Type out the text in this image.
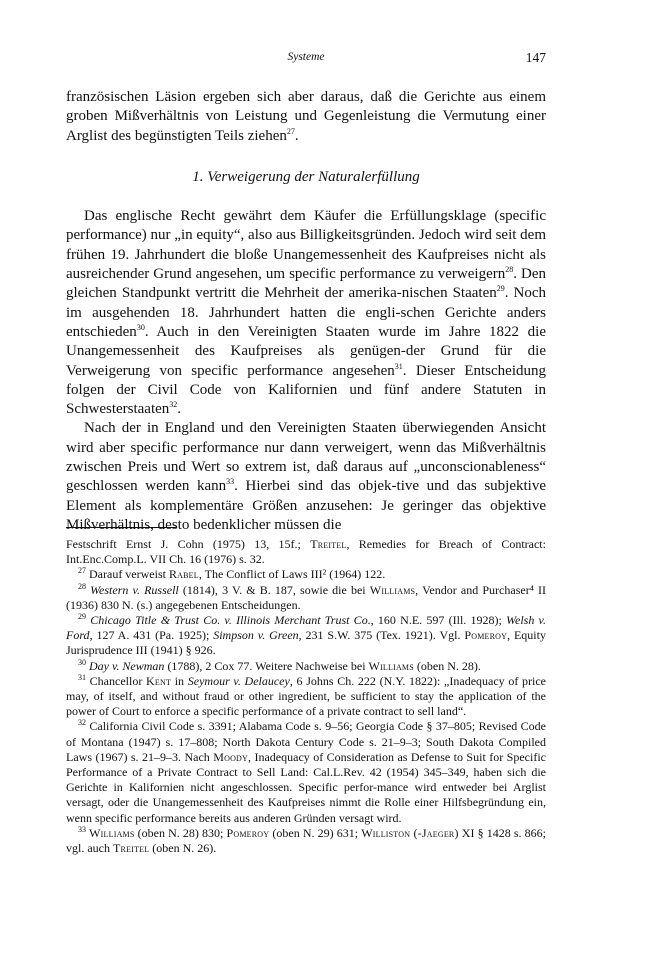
Systeme	147

französischen Läsion ergeben sich aber daraus, daß die Gerichte aus einem groben Mißverhältnis von Leistung und Gegenleistung die Vermutung einer Arglist des begünstigten Teils ziehen$^{27}$.

1. Verweigerung der Naturalerfüllung

Das englische Recht gewährt dem Käufer die Erfüllungsklage (specific performance) nur „in equity“, also aus Billigkeitsgründen. Jedoch wird seit dem frühen 19. Jahrhundert die bloße Unangemessenheit des Kaufpreises nicht als ausreichender Grund angesehen, um specific performance zu verweigern$^{28}$. Den gleichen Standpunkt vertritt die Mehrheit der amerika-nischen Staaten$^{29}$. Noch im ausgehenden 18. Jahrhundert hatten die engli-schen Gerichte anders entschieden$^{30}$. Auch in den Vereinigten Staaten wurde im Jahre 1822 die Unangemessenheit des Kaufpreises als genügen-der Grund für die Verweigerung von specific performance angesehen$^{31}$. Dieser Entscheidung folgen der Civil Code von Kalifornien und fünf andere Statuten in Schwesterstaaten$^{32}$.

Nach der in England und den Vereinigten Staaten überwiegenden Ansicht wird aber specific performance nur dann verweigert, wenn das Mißverhältnis zwischen Preis und Wert so extrem ist, daß daraus auf „unconscionableness“ geschlossen werden kann$^{33}$. Hierbei sind das objek-tive und das subjektive Element als komplementäre Größen anzusehen: Je geringer das objektive Mißverhältnis, desto bedenklicher müssen die

Festschrift Ernst J. Cohn (1975) 13, 15f.; Treitel, Remedies for Breach of Contract: Int.Enc.Comp.L. VII Ch. 16 (1976) s. 32.

$^{27}$ Darauf verweist Rabel, The Conflict of Laws III² (1964) 122.

$^{28}$ Western v. Russell (1814), 3 V. & B. 187, sowie die bei Williams, Vendor and Purchaser⁴ II (1936) 830 N. (s.) angegebenen Entscheidungen.

$^{29}$ Chicago Title & Trust Co. v. Illinois Merchant Trust Co., 160 N.E. 597 (Ill. 1928); Welsh v. Ford, 127 A. 431 (Pa. 1925); Simpson v. Green, 231 S.W. 375 (Tex. 1921). Vgl. Pomeroy, Equity Jurisprudence III (1941) § 926.

$^{30}$ Day v. Newman (1788), 2 Cox 77. Weitere Nachweise bei Williams (oben N. 28).

$^{31}$ Chancellor Kent in Seymour v. Delaucey, 6 Johns Ch. 222 (N.Y. 1822): „Inadequacy of price may, of itself, and without fraud or other ingredient, be sufficient to stay the application of the power of Court to enforce a specific performance of a private contract to sell land“.

$^{32}$ California Civil Code s. 3391; Alabama Code s. 9–56; Georgia Code § 37–805; Revised Code of Montana (1947) s. 17–808; North Dakota Century Code s. 21–9–3; South Dakota Compiled Laws (1967) s. 21–9–3. Nach Moody, Inadequacy of Consideration as Defense to Suit for Specific Performance of a Private Contract to Sell Land: Cal.L.Rev. 42 (1954) 345–349, haben sich die Gerichte in Kalifornien nicht angeschlossen. Specific perfor-mance wird entweder bei Arglist versagt, oder die Unangemessenheit des Kaufpreises nimmt die Rolle einer Hilfsbegründung ein, wenn specific performance bereits aus anderen Gründen versagt wird.

$^{33}$ Williams (oben N. 28) 830; Pomeroy (oben N. 29) 631; Williston (-Jaeger) XI § 1428 s. 866; vgl. auch Treitel (oben N. 26).
